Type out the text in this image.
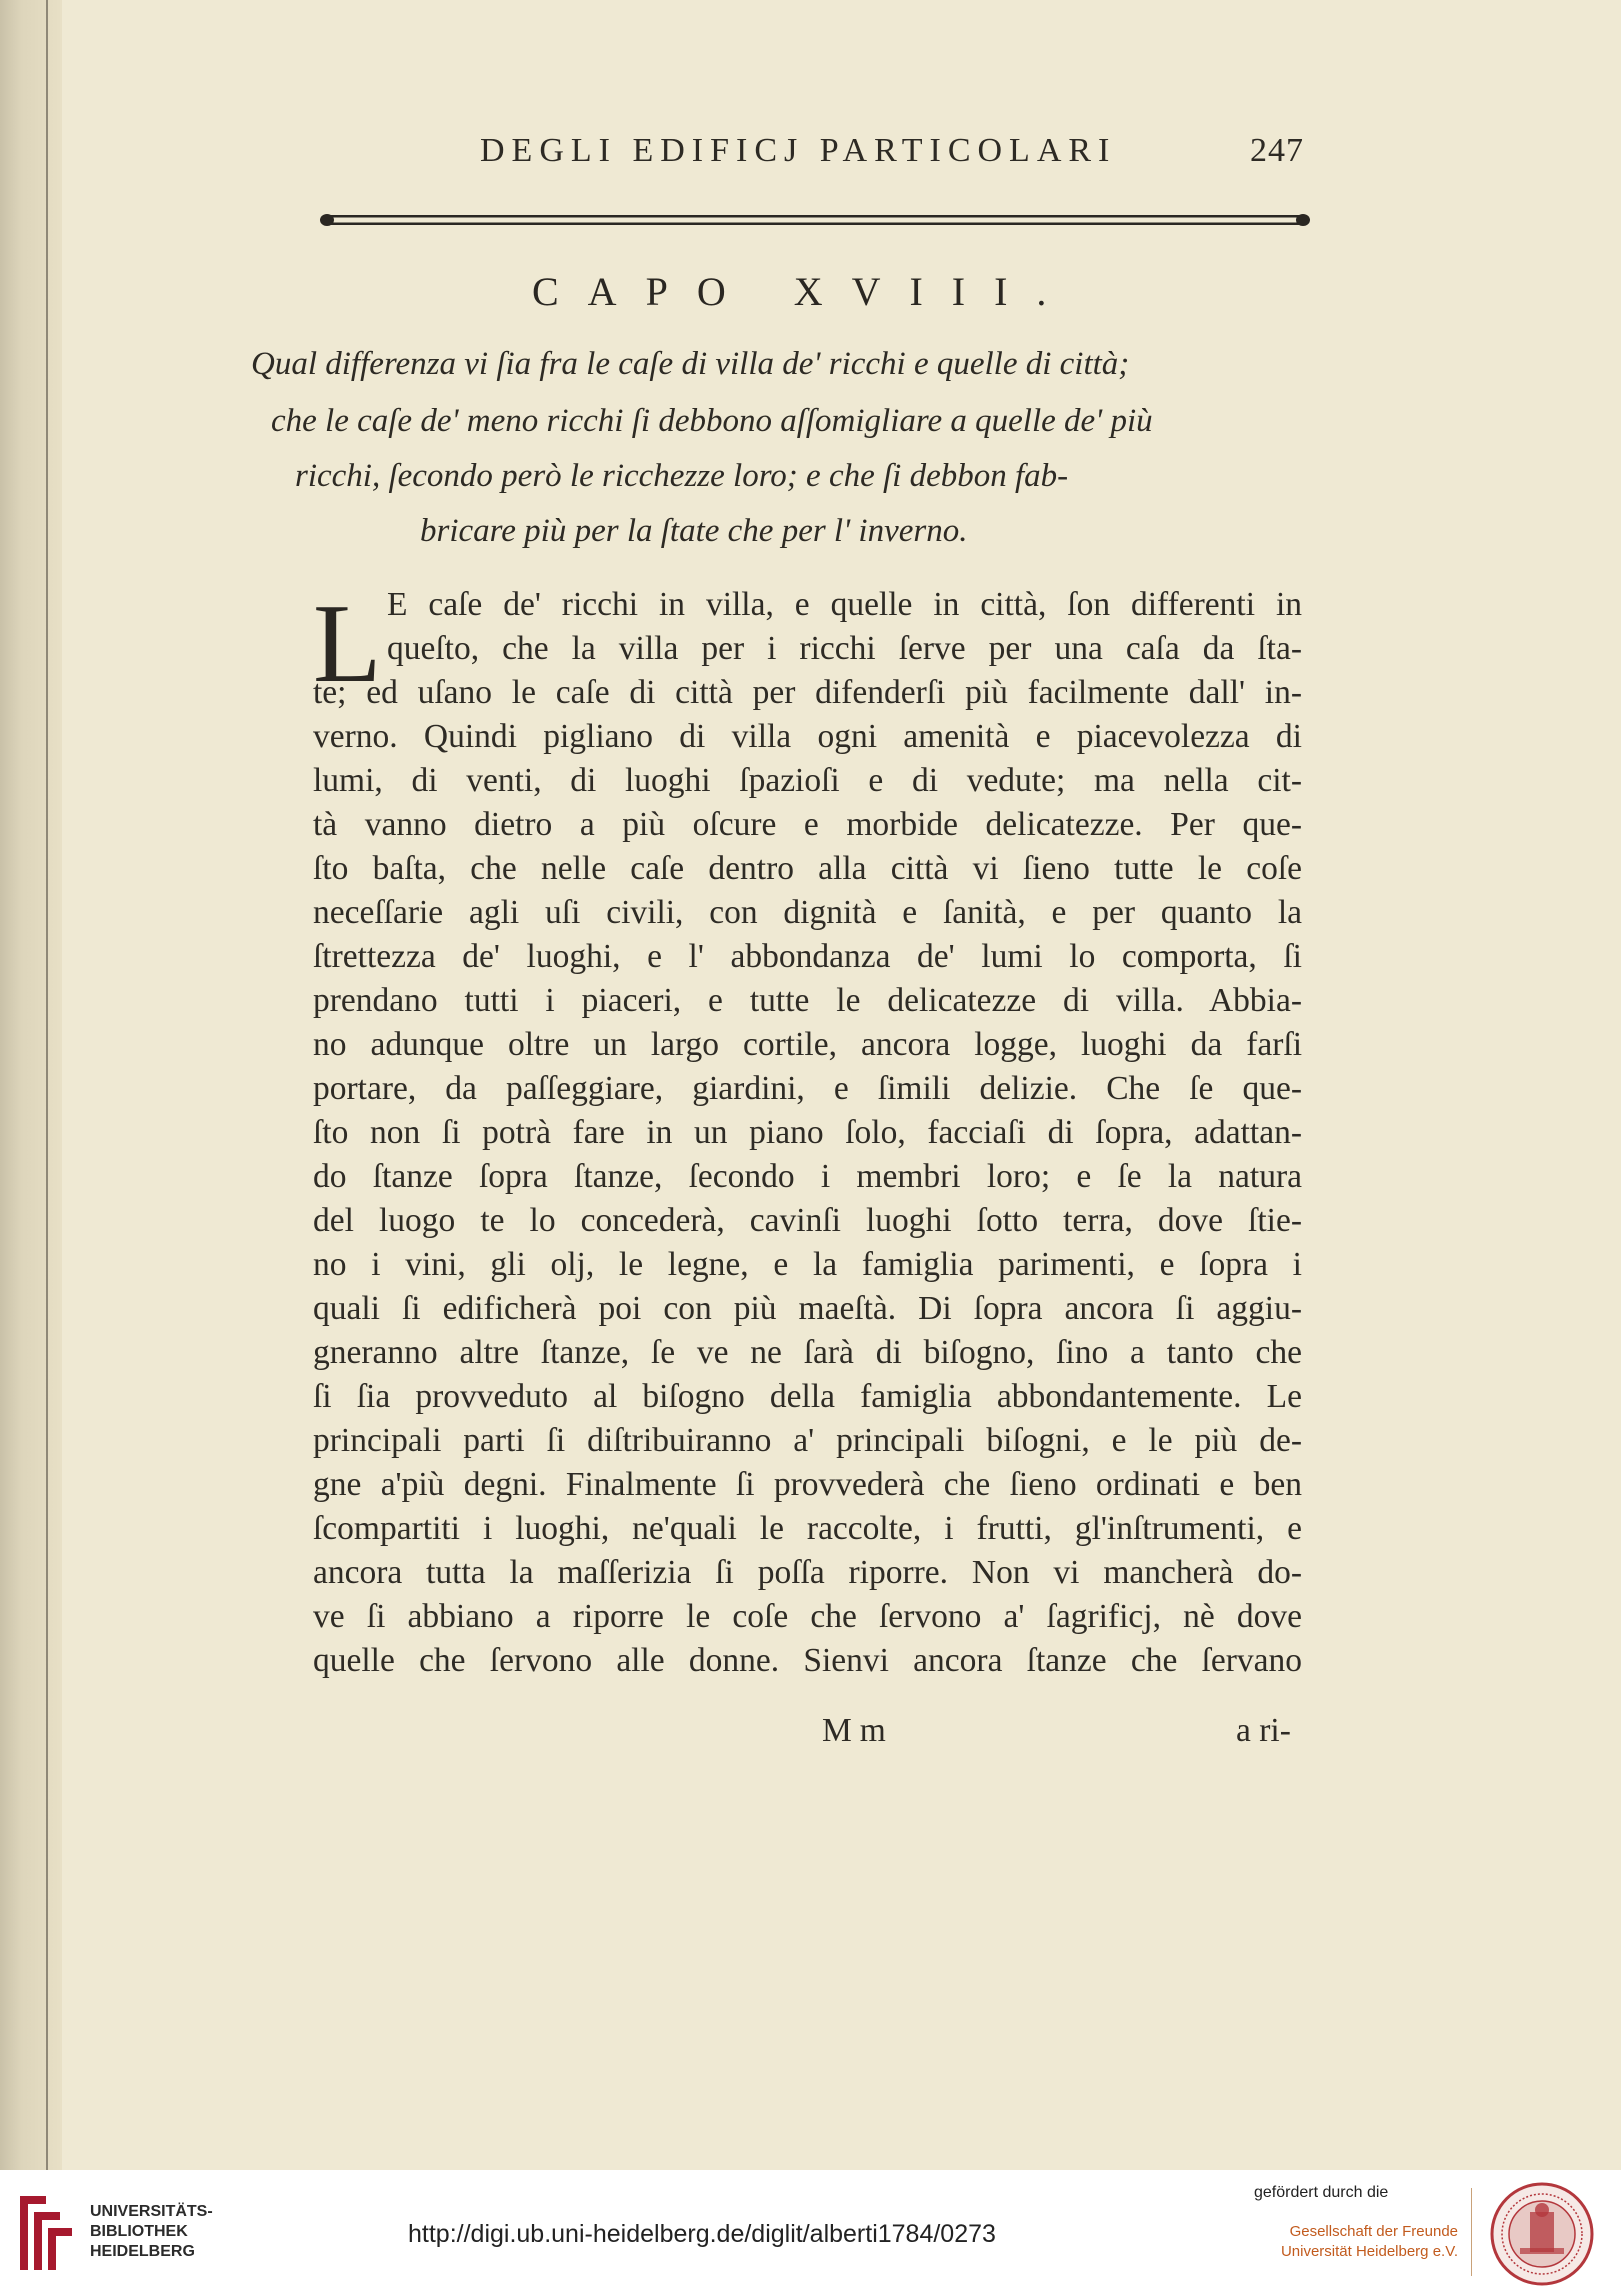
DEGLI EDIFICJ PARTICOLARI	247
CAPO XVIII.
Qual differenza vi ſia fra le caſe di villa de' ricchi e quelle di città;
che le caſe de' meno ricchi ſi debbono aſſomigliare a quelle de' più
ricchi, ſecondo però le ricchezze loro; e che ſi debbon fab-
bricare più per la ſtate che per l' inverno.
L E caſe de' ricchi in villa, e quelle in città, ſon differenti in
queſto, che la villa per i ricchi ſerve per una caſa da ſta-
te; ed uſano le caſe di città per difenderſi più facilmente dall' in-
verno. Quindi pigliano di villa ogni amenità e piacevolezza di
lumi, di venti, di luoghi ſpazioſi e di vedute; ma nella cit-
tà vanno dietro a più oſcure e morbide delicatezze. Per que-
ſto baſta, che nelle caſe dentro alla città vi ſieno tutte le coſe
neceſſarie agli uſi civili, con dignità e ſanità, e per quanto la
ſtrettezza de' luoghi, e l' abbondanza de' lumi lo comporta, ſi
prendano tutti i piaceri, e tutte le delicatezze di villa. Abbia-
no adunque oltre un largo cortile, ancora logge, luoghi da farſi
portare, da paſſeggiare, giardini, e ſimili delizie. Che ſe que-
ſto non ſi potrà fare in un piano ſolo, facciaſi di ſopra, adattan-
do ſtanze ſopra ſtanze, ſecondo i membri loro; e ſe la natura
del luogo te lo concederà, cavinſi luoghi ſotto terra, dove ſtie-
no i vini, gli olj, le legne, e la famiglia parimenti, e ſopra i
quali ſi edificherà poi con più maeſtà. Di ſopra ancora ſi aggiu-
gneranno altre ſtanze, ſe ve ne ſarà di biſogno, ſino a tanto che
ſi ſia provveduto al biſogno della famiglia abbondantemente. Le
principali parti ſi diſtribuiranno a' principali biſogni, e le più de-
gne a'più degni. Finalmente ſi provvederà che ſieno ordinati e ben
ſcompartiti i luoghi, ne'quali le raccolte, i frutti, gl'inſtrumenti, e
ancora tutta la maſſerizia ſi poſſa riporre. Non vi mancherà do-
ve ſi abbiano a riporre le coſe che ſervono a' ſagrificj, nè dove
quelle che ſervono alle donne. Sienvi ancora ſtanze che ſervano
Mm	a ri-
UNIVERSITÄTS-
BIBLIOTHEK
HEIDELBERG
http://digi.ub.uni-heidelberg.de/diglit/alberti1784/0273
gefördert durch die
Gesellschaft der Freunde
Universität Heidelberg e.V.
